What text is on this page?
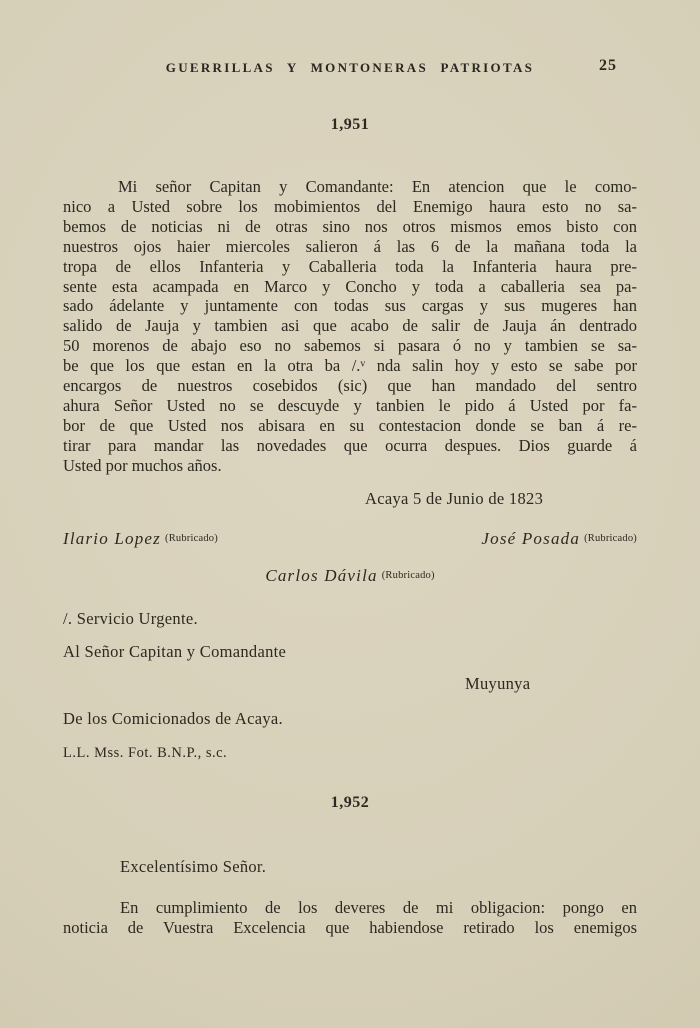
GUERRILLAS Y MONTONERAS PATRIOTAS	25
1,951
Mi señor Capitan y Comandante: En atencion que le como-
nico a Usted sobre los mobimientos del Enemigo haura esto no sa-
bemos de noticias ni de otras sino nos otros mismos emos bisto con
nuestros ojos haier miercoles salieron á las 6 de la mañana toda la
tropa de ellos Infanteria y Caballeria toda la Infanteria haura pre-
sente esta acampada en Marco y Concho y toda a caballeria sea pa-
sado ádelante y juntamente con todas sus cargas y sus mugeres han
salido de Jauja y tambien asi que acabo de salir de Jauja án dentrado
50 morenos de abajo eso no sabemos si pasara ó no y tambien se sa-
be que los que estan en la otra ba /.ᵛ nda salin hoy y esto se sabe por
encargos de nuestros cosebidos (sic) que han mandado del sentro
ahura Señor Usted no se descuyde y tanbien le pido á Usted por fa-
bor de que Usted nos abisara en su contestacion donde se ban á re-
tirar para mandar las novedades que ocurra despues. Dios guarde á
Usted por muchos años.
Acaya 5 de Junio de 1823
Ilario Lopez (Rubricado)	José Posada (Rubricado)
Carlos Dávila (Rubricado)
/. Servicio Urgente.
Al Señor Capitan y Comandante
Muyunya
De los Comicionados de Acaya.
L.L. Mss. Fot. B.N.P., s.c.
1,952
Excelentísimo Señor.
En cumplimiento de los deveres de mi obligacion: pongo en
noticia de Vuestra Excelencia que habiendose retirado los enemigos
